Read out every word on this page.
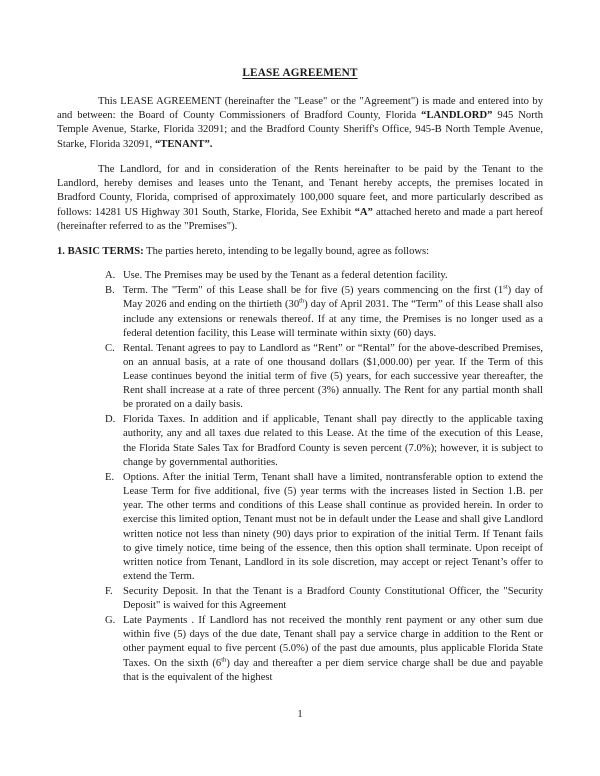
LEASE AGREEMENT

This LEASE AGREEMENT (hereinafter the "Lease" or the "Agreement") is made and entered into by and between: the Board of County Commissioners of Bradford County, Florida “LANDLORD” 945 North Temple Avenue, Starke, Florida 32091; and the Bradford County Sheriff's Office, 945-B North Temple Avenue, Starke, Florida 32091, “TENANT”.

The Landlord, for and in consideration of the Rents hereinafter to be paid by the Tenant to the Landlord, hereby demises and leases unto the Tenant, and Tenant hereby accepts, the premises located in Bradford County, Florida, comprised of approximately 100,000 square feet, and more particularly described as follows: 14281 US Highway 301 South, Starke, Florida, See Exhibit “A” attached hereto and made a part hereof (hereinafter referred to as the "Premises").

1. BASIC TERMS: The parties hereto, intending to be legally bound, agree as follows:

A. Use. The Premises may be used by the Tenant as a federal detention facility.
B. Term. The "Term" of this Lease shall be for five (5) years commencing on the first (1st) day of May 2026 and ending on the thirtieth (30th) day of April 2031. The “Term” of this Lease shall also include any extensions or renewals thereof. If at any time, the Premises is no longer used as a federal detention facility, this Lease will terminate within sixty (60) days.
C. Rental. Tenant agrees to pay to Landlord as “Rent” or “Rental” for the above-described Premises, on an annual basis, at a rate of one thousand dollars ($1,000.00) per year. If the Term of this Lease continues beyond the initial term of five (5) years, for each successive year thereafter, the Rent shall increase at a rate of three percent (3%) annually. The Rent for any partial month shall be prorated on a daily basis.
D. Florida Taxes. In addition and if applicable, Tenant shall pay directly to the applicable taxing authority, any and all taxes due related to this Lease. At the time of the execution of this Lease, the Florida State Sales Tax for Bradford County is seven percent (7.0%); however, it is subject to change by governmental authorities.
E. Options. After the initial Term, Tenant shall have a limited, nontransferable option to extend the Lease Term for five additional, five (5) year terms with the increases listed in Section 1.B. per year. The other terms and conditions of this Lease shall continue as provided herein. In order to exercise this limited option, Tenant must not be in default under the Lease and shall give Landlord written notice not less than ninety (90) days prior to expiration of the initial Term. If Tenant fails to give timely notice, time being of the essence, then this option shall terminate. Upon receipt of written notice from Tenant, Landlord in its sole discretion, may accept or reject Tenant’s offer to extend the Term.
F. Security Deposit. In that the Tenant is a Bradford County Constitutional Officer, the "Security Deposit" is waived for this Agreement
G. Late Payments . If Landlord has not received the monthly rent payment or any other sum due within five (5) days of the due date, Tenant shall pay a service charge in addition to the Rent or other payment equal to five percent (5.0%) of the past due amounts, plus applicable Florida State Taxes. On the sixth (6th) day and thereafter a per diem service charge shall be due and payable that is the equivalent of the highest
1
